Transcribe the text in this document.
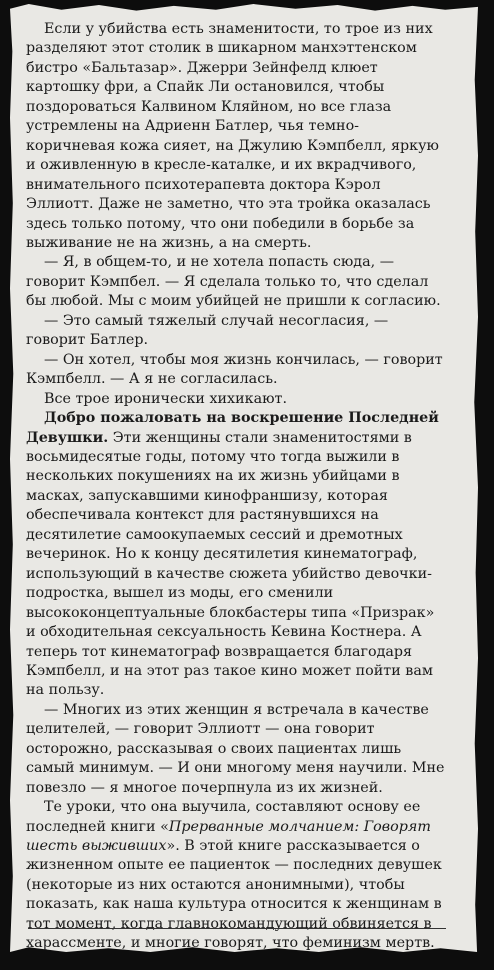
Если у убийства есть знаменитости, то трое из них разделяют этот столик в шикарном манхэттенском бистро «Бальтазар». Джерри Зейнфелд клюет картошку фри, а Спайк Ли остановился, чтобы поздороваться Калвином Кляйном, но все глаза устремлены на Адриенн Батлер, чья темно-коричневая кожа сияет, на Джулию Кэмпбелл, яркую и оживленную в кресле-каталке, и их вкрадчивого, внимательного психотерапевта доктора Кэрол Эллиотт. Даже не заметно, что эта тройка оказалась здесь только потому, что они победили в борьбе за выживание не на жизнь, а на смерть.

— Я, в общем-то, и не хотела попасть сюда, — говорит Кэмпбел. — Я сделала только то, что сделал бы любой. Мы с моим убийцей не пришли к согласию.

— Это самый тяжелый случай несогласия, — говорит Батлер.

— Он хотел, чтобы моя жизнь кончилась, — говорит Кэмпбелл. — А я не согласилась.

Все трое иронически хихикают.

Добро пожаловать на воскрешение Последней Девушки. Эти женщины стали знаменитостями в восьмидесятые годы, потому что тогда выжили в нескольких покушениях на их жизнь убийцами в масках, запускавшими кинофраншизу, которая обеспечивала контекст для растянувшихся на десятилетие самоокупаемых сессий и дремотных вечеринок. Но к концу десятилетия кинематограф, использующий в качестве сюжета убийство девочки-подростка, вышел из моды, его сменили высококонцептуальные блокбастеры типа «Призрак» и обходительная сексуальность Кевина Костнера. А теперь тот кинематограф возвращается благодаря Кэмпбелл, и на этот раз такое кино может пойти вам на пользу.

— Многих из этих женщин я встречала в качестве целителей, — говорит Эллиотт — она говорит осторожно, рассказывая о своих пациентах лишь самый минимум. — И они многому меня научили. Мне повезло — я многое почерпнула из их жизней.

Те уроки, что она выучила, составляют основу ее последней книги «Прерванные молчанием: Говорят шесть выживших». В этой книге рассказывается о жизненном опыте ее пациенток — последних девушек (некоторые из них остаются анонимными), чтобы показать, как наша культура относится к женщинам в тот момент, когда главнокомандующий обвиняется в харассменте, и многие говорят, что феминизм мертв.
